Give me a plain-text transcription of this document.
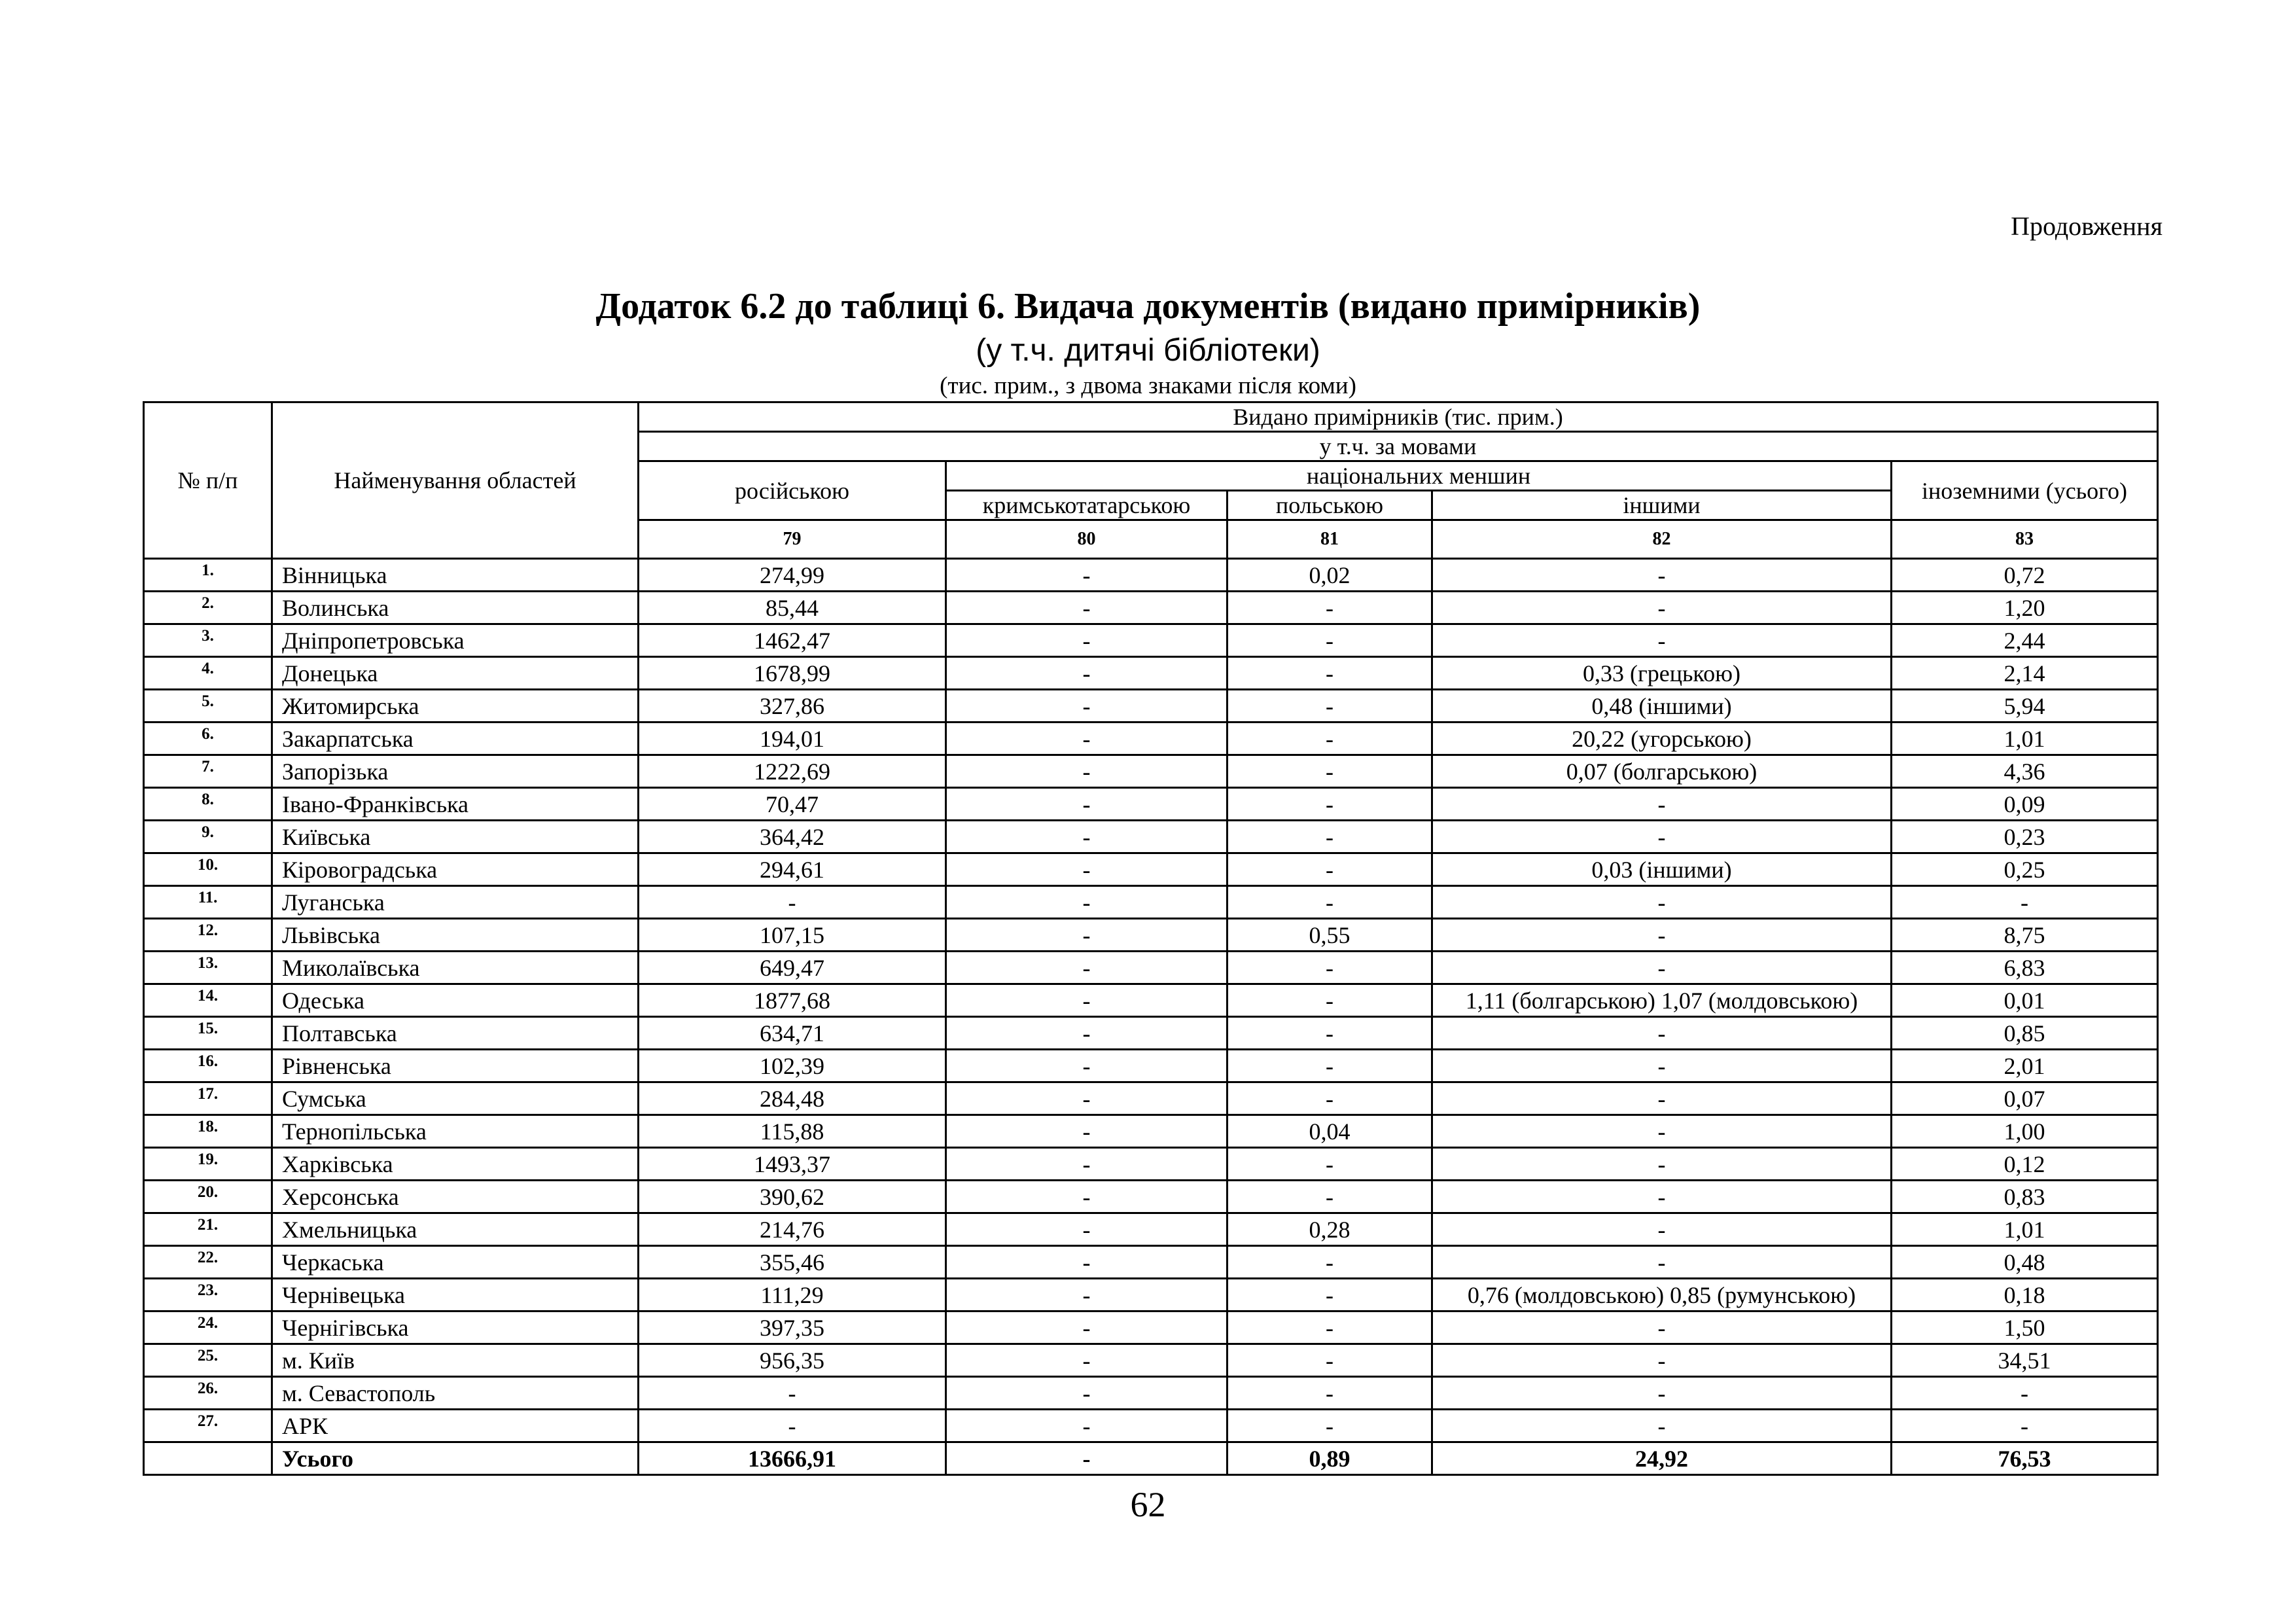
Продовження
Додаток 6.2 до таблиці 6. Видача документів (видано примірників)
(у т.ч. дитячі бібліотеки)
(тис. прим., з двома знаками після коми)
№ п/п	Найменування областей	Видано примірників (тис. прим.)				
		у т.ч. за мовами				
		російською	національних меншин			іноземними (усього)
			кримськотатарською	польською	іншими	
		79	80	81	82	83
1.	Вінницька	274,99	-	0,02	-	0,72
2.	Волинська	85,44	-	-	-	1,20
3.	Дніпропетровська	1462,47	-	-	-	2,44
4.	Донецька	1678,99	-	-	0,33 (грецькою)	2,14
5.	Житомирська	327,86	-	-	0,48 (іншими)	5,94
6.	Закарпатська	194,01	-	-	20,22 (угорською)	1,01
7.	Запорізька	1222,69	-	-	0,07 (болгарською)	4,36
8.	Івано-Франківська	70,47	-	-	-	0,09
9.	Київська	364,42	-	-	-	0,23
10.	Кіровоградська	294,61	-	-	0,03 (іншими)	0,25
11.	Луганська	-	-	-	-	-
12.	Львівська	107,15	-	0,55	-	8,75
13.	Миколаївська	649,47	-	-	-	6,83
14.	Одеська	1877,68	-	-	1,11 (болгарською) 1,07 (молдовською)	0,01
15.	Полтавська	634,71	-	-	-	0,85
16.	Рівненська	102,39	-	-	-	2,01
17.	Сумська	284,48	-	-	-	0,07
18.	Тернопільська	115,88	-	0,04	-	1,00
19.	Харківська	1493,37	-	-	-	0,12
20.	Херсонська	390,62	-	-	-	0,83
21.	Хмельницька	214,76	-	0,28	-	1,01
22.	Черкаська	355,46	-	-	-	0,48
23.	Чернівецька	111,29	-	-	0,76 (молдовською) 0,85 (румунською)	0,18
24.	Чернігівська	397,35	-	-	-	1,50
25.	м. Київ	956,35	-	-	-	34,51
26.	м. Севастополь	-	-	-	-	-
27.	АРК	-	-	-	-	-
	Усього	13666,91	-	0,89	24,92	76,53
62
